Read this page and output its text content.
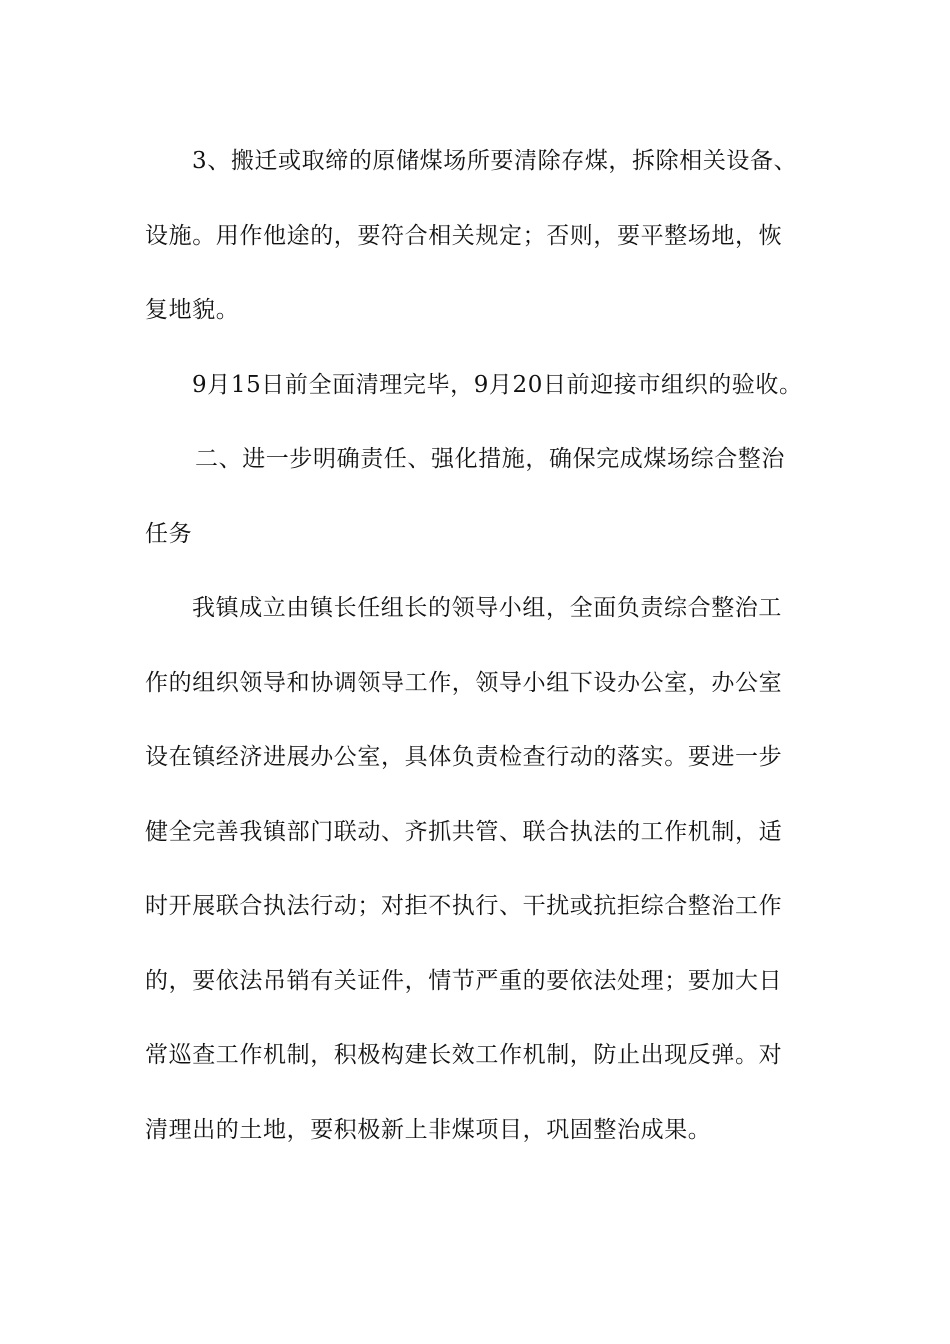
3、搬迁或取缔的原储煤场所要清除存煤，拆除相关设备、
设施。用作他途的，要符合相关规定；否则，要平整场地，恢
复地貌。

9月15日前全面清理完毕，9月20日前迎接市组织的验收。

二、进一步明确责任、强化措施，确保完成煤场综合整治
任务

我镇成立由镇长任组长的领导小组，全面负责综合整治工
作的组织领导和协调领导工作，领导小组下设办公室，办公室
设在镇经济进展办公室，具体负责检查行动的落实。要进一步
健全完善我镇部门联动、齐抓共管、联合执法的工作机制，适
时开展联合执法行动；对拒不执行、干扰或抗拒综合整治工作
的，要依法吊销有关证件，情节严重的要依法处理；要加大日
常巡查工作机制，积极构建长效工作机制，防止出现反弹。对
清理出的土地，要积极新上非煤项目，巩固整治成果。
